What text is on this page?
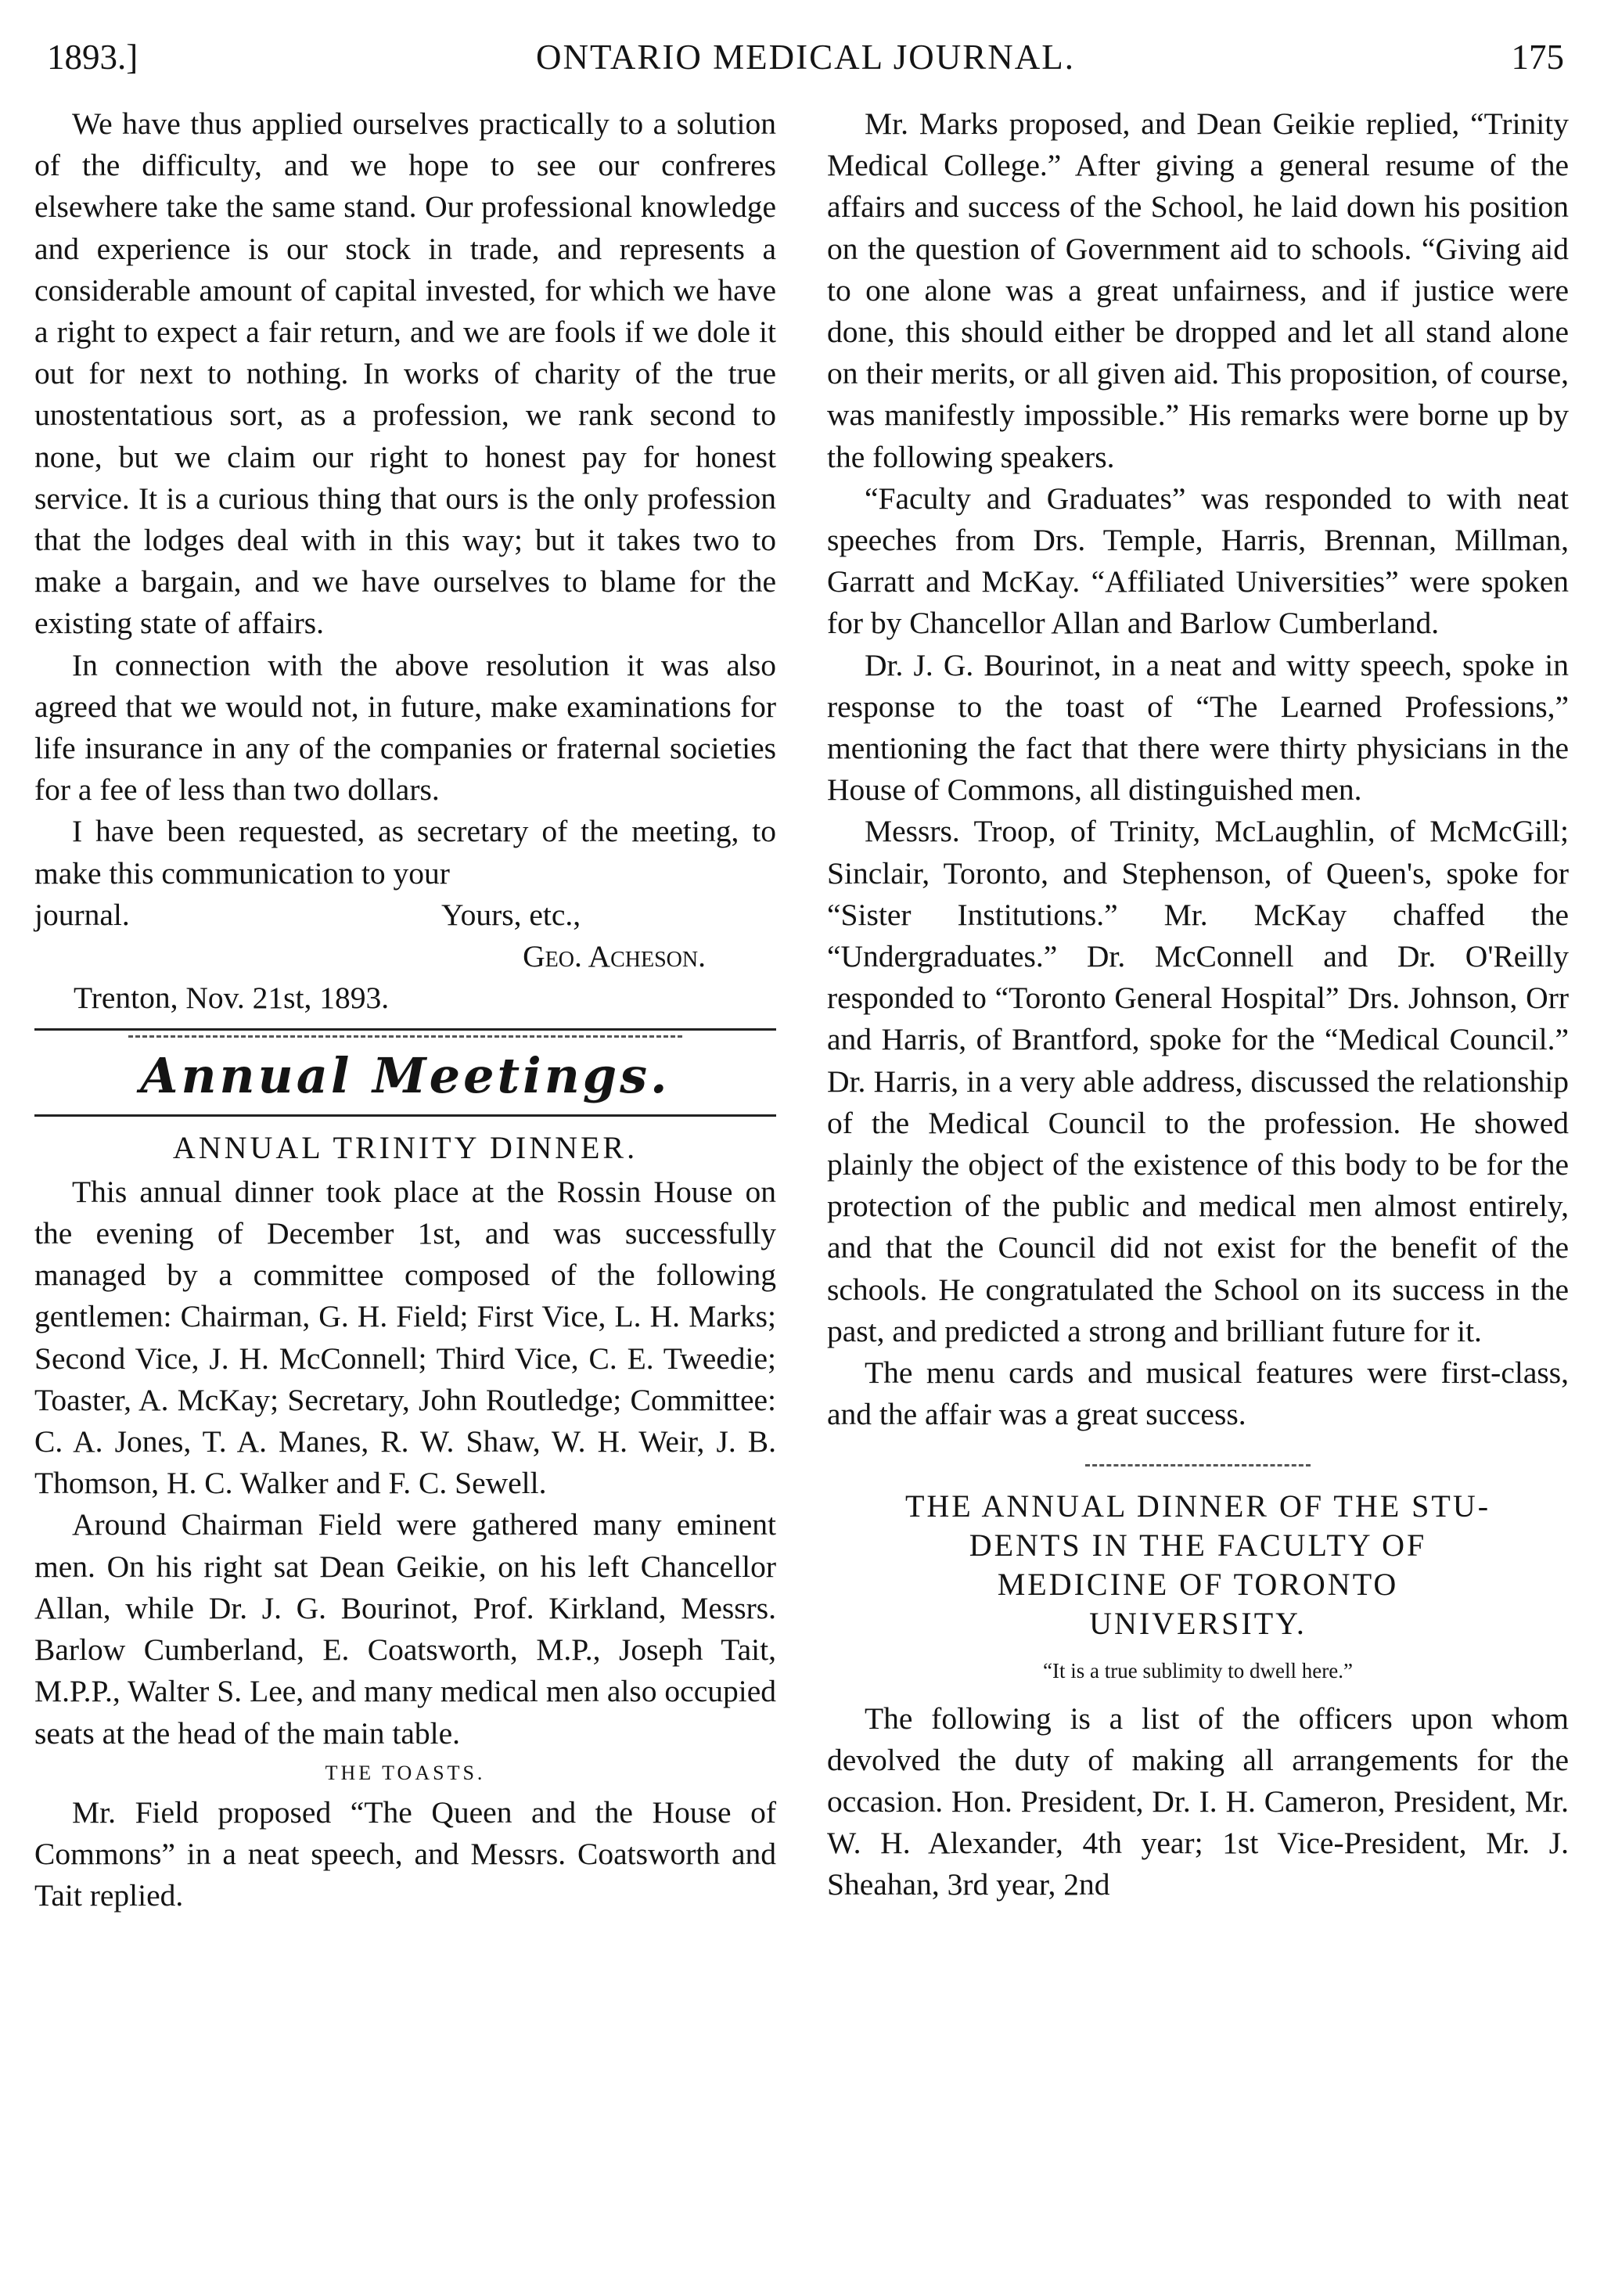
1893.]	ONTARIO MEDICAL JOURNAL.	175

We have thus applied ourselves practically to a solution of the difficulty, and we hope to see our confreres elsewhere take the same stand. Our professional knowledge and experience is our stock in trade, and represents a considerable amount of capital invested, for which we have a right to expect a fair return, and we are fools if we dole it out for next to nothing. In works of charity of the true unostentatious sort, as a profession, we rank second to none, but we claim our right to honest pay for honest service. It is a curious thing that ours is the only profession that the lodges deal with in this way; but it takes two to make a bargain, and we have ourselves to blame for the existing state of affairs.

In connection with the above resolution it was also agreed that we would not, in future, make examinations for life insurance in any of the companies or fraternal societies for a fee of less than two dollars.

I have been requested, as secretary of the meeting, to make this communication to your

journal.	Yours, etc.,
Geo. Acheson.
Trenton, Nov. 21st, 1893.
Annual Meetings.
ANNUAL TRINITY DINNER.

This annual dinner took place at the Rossin House on the evening of December 1st, and was successfully managed by a committee composed of the following gentlemen: Chairman, G. H. Field; First Vice, L. H. Marks; Second Vice, J. H. McConnell; Third Vice, C. E. Tweedie; Toaster, A. McKay; Secretary, John Routledge; Committee: C. A. Jones, T. A. Manes, R. W. Shaw, W. H. Weir, J. B. Thomson, H. C. Walker and F. C. Sewell.

Around Chairman Field were gathered many eminent men. On his right sat Dean Geikie, on his left Chancellor Allan, while Dr. J. G. Bourinot, Prof. Kirkland, Messrs. Barlow Cumberland, E. Coatsworth, M.P., Joseph Tait, M.P.P., Walter S. Lee, and many medical men also occupied seats at the head of the main table.

THE TOASTS.

Mr. Field proposed “The Queen and the House of Commons” in a neat speech, and Messrs. Coatsworth and Tait replied.

Mr. Marks proposed, and Dean Geikie replied, “Trinity Medical College.” After giving a general resume of the affairs and success of the School, he laid down his position on the question of Government aid to schools. “Giving aid to one alone was a great unfairness, and if justice were done, this should either be dropped and let all stand alone on their merits, or all given aid. This proposition, of course, was manifestly impossible.” His remarks were borne up by the following speakers.

“Faculty and Graduates” was responded to with neat speeches from Drs. Temple, Harris, Brennan, Millman, Garratt and McKay. “Affiliated Universities” were spoken for by Chancellor Allan and Barlow Cumberland.

Dr. J. G. Bourinot, in a neat and witty speech, spoke in response to the toast of “The Learned Professions,” mentioning the fact that there were thirty physicians in the House of Commons, all distinguished men.

Messrs. Troop, of Trinity, McLaughlin, of McMcGill; Sinclair, Toronto, and Stephenson, of Queen's, spoke for “Sister Institutions.” Mr. McKay chaffed the “Undergraduates.” Dr. McConnell and Dr. O'Reilly responded to “Toronto General Hospital” Drs. Johnson, Orr and Harris, of Brantford, spoke for the “Medical Council.” Dr. Harris, in a very able address, discussed the relationship of the Medical Council to the profession. He showed plainly the object of the existence of this body to be for the protection of the public and medical men almost entirely, and that the Council did not exist for the benefit of the schools. He congratulated the School on its success in the past, and predicted a strong and brilliant future for it.

The menu cards and musical features were first-class, and the affair was a great success.

THE ANNUAL DINNER OF THE STU-
DENTS IN THE FACULTY OF
MEDICINE OF TORONTO
UNIVERSITY.
“It is a true sublimity to dwell here.”

The following is a list of the officers upon whom devolved the duty of making all arrangements for the occasion. Hon. President, Dr. I. H. Cameron, President, Mr. W. H. Alexander, 4th year; 1st Vice-President, Mr. J. Sheahan, 3rd year, 2nd
